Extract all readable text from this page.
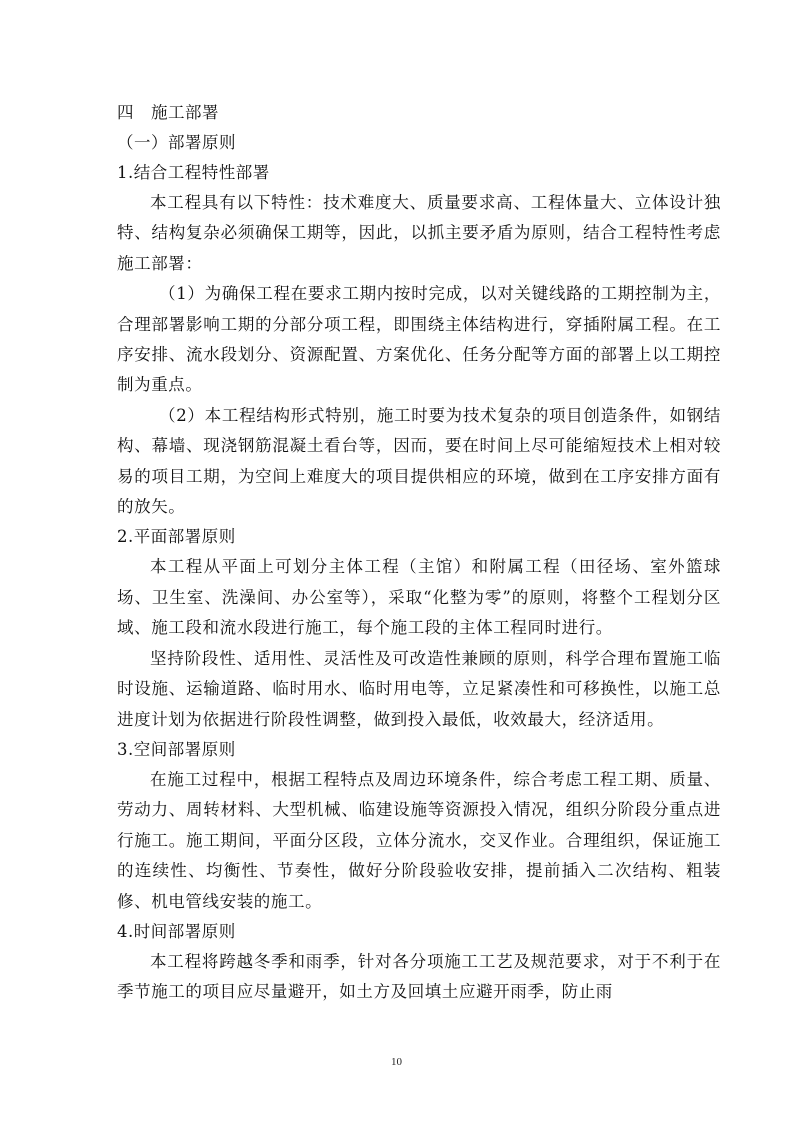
四　施工部署
（一）部署原则
1.结合工程特性部署
本工程具有以下特性：技术难度大、质量要求高、工程体量大、立体设计独特、结构复杂必须确保工期等，因此，以抓主要矛盾为原则，结合工程特性考虑施工部署：
（1）为确保工程在要求工期内按时完成，以对关键线路的工期控制为主，合理部署影响工期的分部分项工程，即围绕主体结构进行，穿插附属工程。在工序安排、流水段划分、资源配置、方案优化、任务分配等方面的部署上以工期控制为重点。
（2）本工程结构形式特别，施工时要为技术复杂的项目创造条件，如钢结构、幕墙、现浇钢筋混凝土看台等，因而，要在时间上尽可能缩短技术上相对较易的项目工期，为空间上难度大的项目提供相应的环境，做到在工序安排方面有的放矢。
2.平面部署原则
本工程从平面上可划分主体工程（主馆）和附属工程（田径场、室外篮球场、卫生室、洗澡间、办公室等），采取“化整为零”的原则，将整个工程划分区域、施工段和流水段进行施工，每个施工段的主体工程同时进行。
坚持阶段性、适用性、灵活性及可改造性兼顾的原则，科学合理布置施工临时设施、运输道路、临时用水、临时用电等，立足紧凑性和可移换性，以施工总进度计划为依据进行阶段性调整，做到投入最低，收效最大，经济适用。
3.空间部署原则
在施工过程中，根据工程特点及周边环境条件，综合考虑工程工期、质量、劳动力、周转材料、大型机械、临建设施等资源投入情况，组织分阶段分重点进行施工。施工期间，平面分区段，立体分流水，交叉作业。合理组织，保证施工的连续性、均衡性、节奏性，做好分阶段验收安排，提前插入二次结构、粗装修、机电管线安装的施工。
4.时间部署原则
本工程将跨越冬季和雨季，针对各分项施工工艺及规范要求，对于不利于在季节施工的项目应尽量避开，如土方及回填土应避开雨季，防止雨
10
